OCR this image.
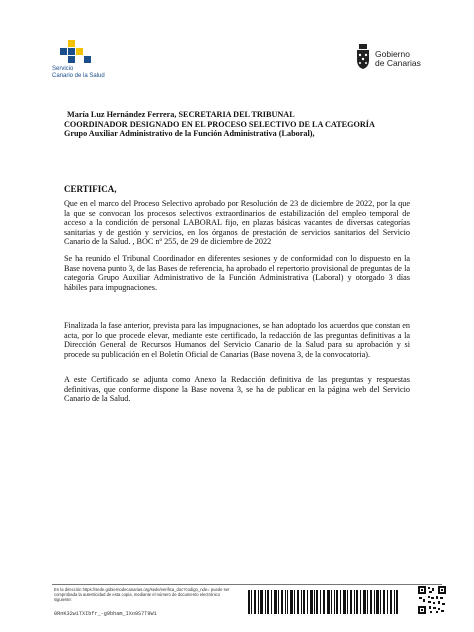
Servicio
Canario de la Salud
Gobierno
de Canarias
María Luz Hernández Ferrera, SECRETARIA DEL TRIBUNAL
COORDINADOR DESIGNADO EN EL PROCESO SELECTIVO DE LA CATEGORÍA
Grupo Auxiliar Administrativo de la Función Administrativa (Laboral),
CERTIFICA,
Que en el marco del Proceso Selectivo aprobado por Resolución de 23 de diciembre de 2022, por la que la que se convocan los procesos selectivos extraordinarios de estabilización del empleo temporal de acceso a la condición de personal LABORAL fijo, en plazas básicas vacantes de diversas categorías sanitarias y de gestión y servicios, en los órganos de prestación de servicios sanitarios del Servicio Canario de la Salud. , BOC nº 255, de 29 de diciembre de 2022
Se ha reunido el Tribunal Coordinador en diferentes sesiones y de conformidad con lo dispuesto en la Base novena punto 3, de las Bases de referencia, ha aprobado el repertorio provisional de preguntas de la categoría Grupo Auxiliar Administrativo de la Función Administrativa (Laboral) y otorgado 3 días hábiles para impugnaciones.
Finalizada la fase anterior, prevista para las impugnaciones, se han adoptado los acuerdos que constan en acta, por lo que procede elevar, mediante este certificado, la redacción de las preguntas definitivas a la Dirección General de Recursos Humanos del Servicio Canario de la Salud para su aprobación y si procede su publicación en el Boletín Oficial de Canarias (Base novena 3, de la convocatoria).
A este Certificado se adjunta como Anexo la Redacción definitiva de las preguntas y respuestas definitivas, que conforme dispone la Base novena 3, se ha de publicar en la página web del Servicio Canario de la Salud.
En la dirección https://sede.gobiernodecanarias.org/sede/verifica_doc?codigo_nde= puede ser comprobada la autenticidad de esta copia, mediante el número de documento electrónico siguiente:
0RnK32w1TXIbfr_-g9bham_IXo9S7T9W1
